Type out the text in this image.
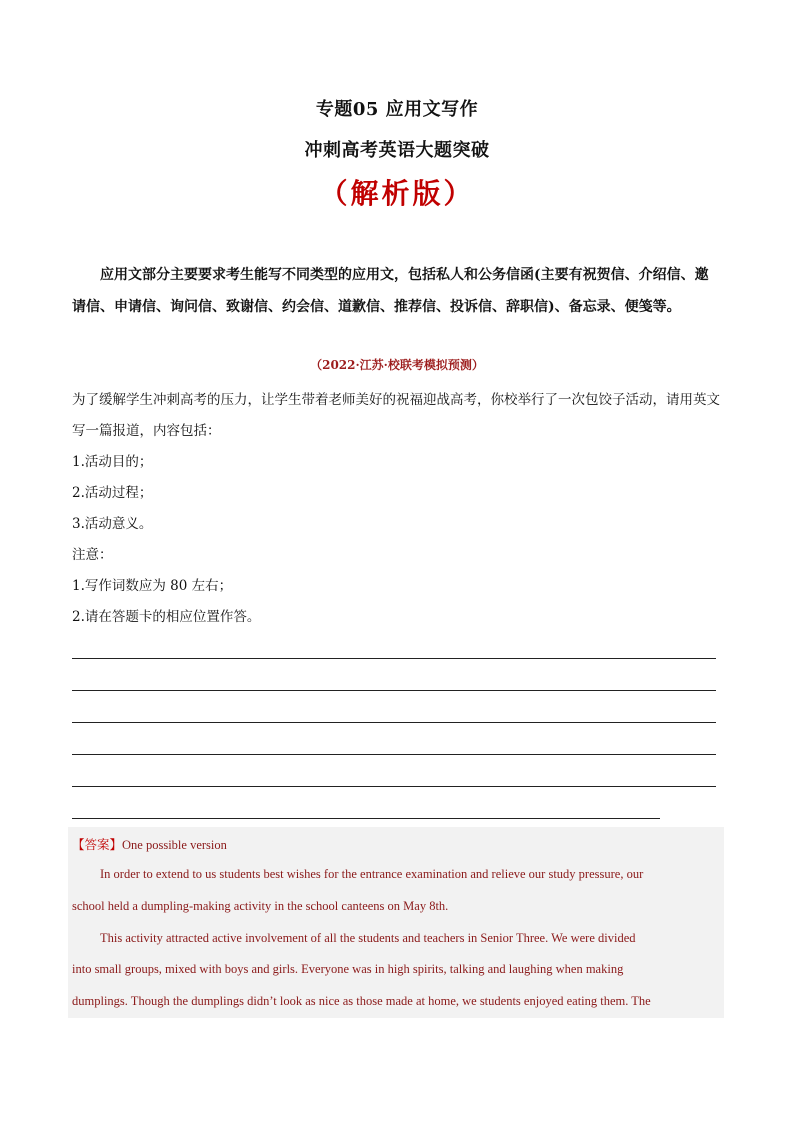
专题05 应用文写作
冲刺高考英语大题突破
（解析版）
应用文部分主要要求考生能写不同类型的应用文，包括私人和公务信函(主要有祝贺信、介绍信、邀请信、申请信、询问信、致谢信、约会信、道歉信、推荐信、投诉信、辞职信)、备忘录、便笺等。
（2022·江苏·校联考模拟预测）

为了缓解学生冲刺高考的压力，让学生带着老师美好的祝福迎战高考，你校举行了一次包饺子活动，请用英文写一篇报道，内容包括：

1.活动目的；

2.活动过程；

3.活动意义。

注意：

1.写作词数应为 80 左右；

2.请在答题卡的相应位置作答。

【答案】One possible version
In order to extend to us students best wishes for the entrance examination and relieve our study pressure, our
school held a dumpling-making activity in the school canteens on May 8th.
This activity attracted active involvement of all the students and teachers in Senior Three. We were divided
into small groups, mixed with boys and girls. Everyone was in high spirits, talking and laughing when making
dumplings. Though the dumplings didn’t look as nice as those made at home, we students enjoyed eating them. The
